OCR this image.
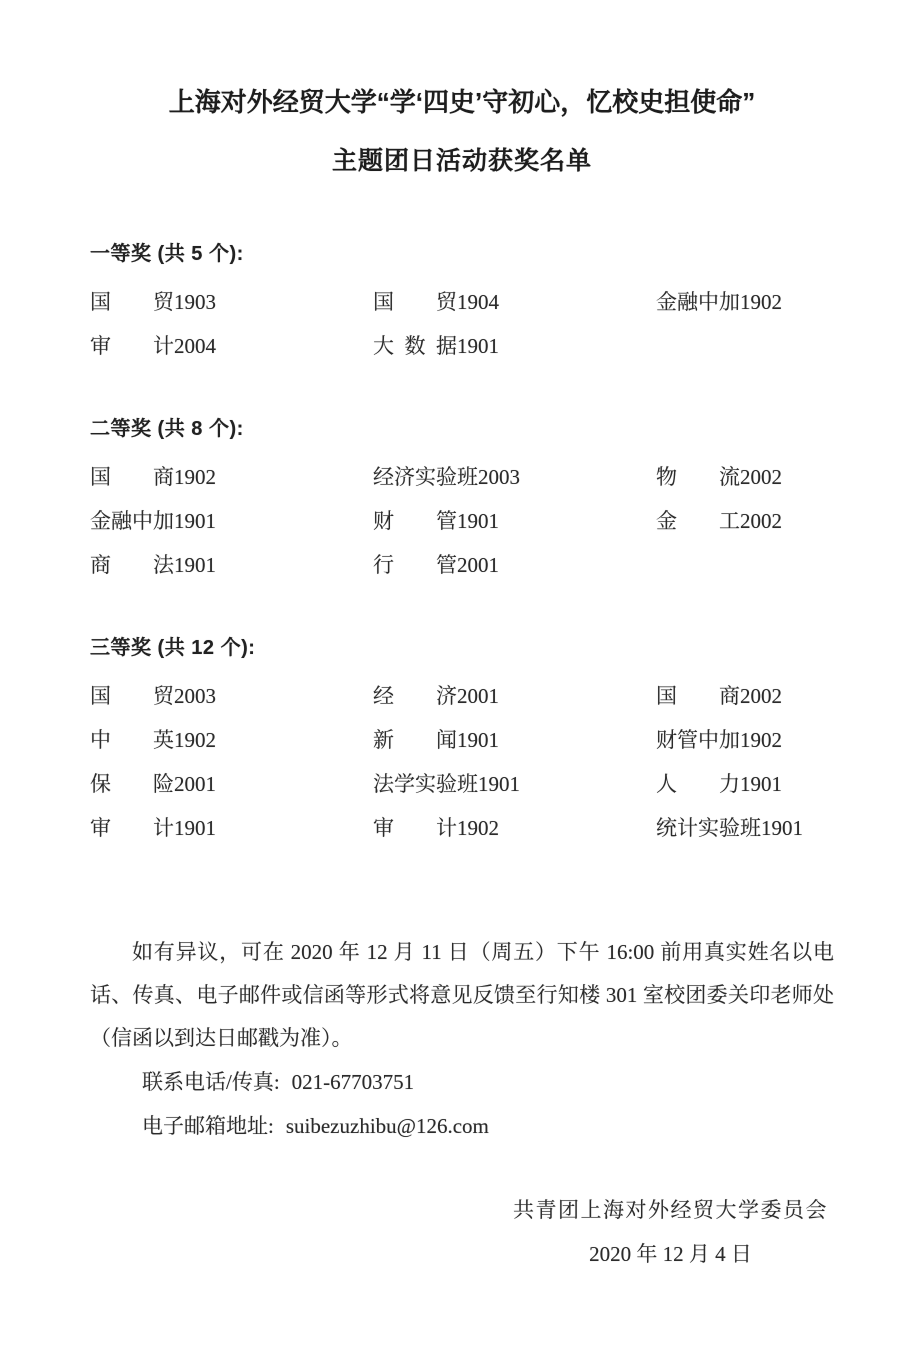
上海对外经贸大学“学‘四史’守初心，忆校史担使命”
主题团日活动获奖名单
一等奖 (共 5 个):
国贸1903	国贸1904	金融中加1902
审计2004	大数据1901
二等奖 (共 8 个):
国商1902	经济实验班2003	物流2002
金融中加1901	财管1901	金工2002
商法1901	行管2001
三等奖 (共 12 个):
国贸2003	经济2001	国商2002
中英1902	新闻1901	财管中加1902
保险2001	法学实验班1901	人力1901
审计1901	审计1902	统计实验班1901
如有异议，可在 2020 年 12 月 11 日（周五）下午 16:00 前用真实姓名以电
话、传真、电子邮件或信函等形式将意见反馈至行知楼 301 室校团委关印老师处
（信函以到达日邮戳为准）。
联系电话/传真: 021-67703751
电子邮箱地址: suibezuzhibu@126.com
共青团上海对外经贸大学委员会
2020 年 12 月 4 日
